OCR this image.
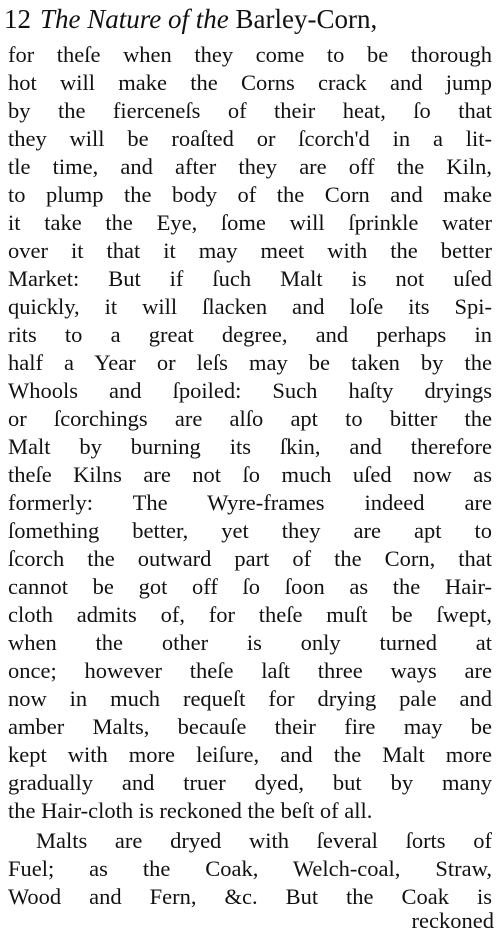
12 The Nature of the Barley-Corn,
for theſe when they come to be thorough
hot will make the Corns crack and jump
by the fierceneſs of their heat, ſo that
they will be roaſted or ſcorch'd in a lit-
tle time, and after they are off the Kiln,
to plump the body of the Corn and make
it take the Eye, ſome will ſprinkle water
over it that it may meet with the better
Market: But if ſuch Malt is not uſed
quickly, it will ſlacken and loſe its Spi-
rits to a great degree, and perhaps in
half a Year or leſs may be taken by the
Whools and ſpoiled: Such haſty dryings
or ſcorchings are alſo apt to bitter the
Malt by burning its ſkin, and therefore
theſe Kilns are not ſo much uſed now as
formerly: The Wyre-frames indeed are
ſomething better, yet they are apt to
ſcorch the outward part of the Corn, that
cannot be got off ſo ſoon as the Hair-
cloth admits of, for theſe muſt be ſwept,
when the other is only turned at
once; however theſe laſt three ways are
now in much requeſt for drying pale and
amber Malts, becauſe their fire may be
kept with more leiſure, and the Malt more
gradually and truer dyed, but by many
the Hair-cloth is reckoned the beſt of all.
Malts are dryed with ſeveral ſorts of
Fuel; as the Coak, Welch-coal, Straw,
Wood and Fern, &c. But the Coak is
reckoned
